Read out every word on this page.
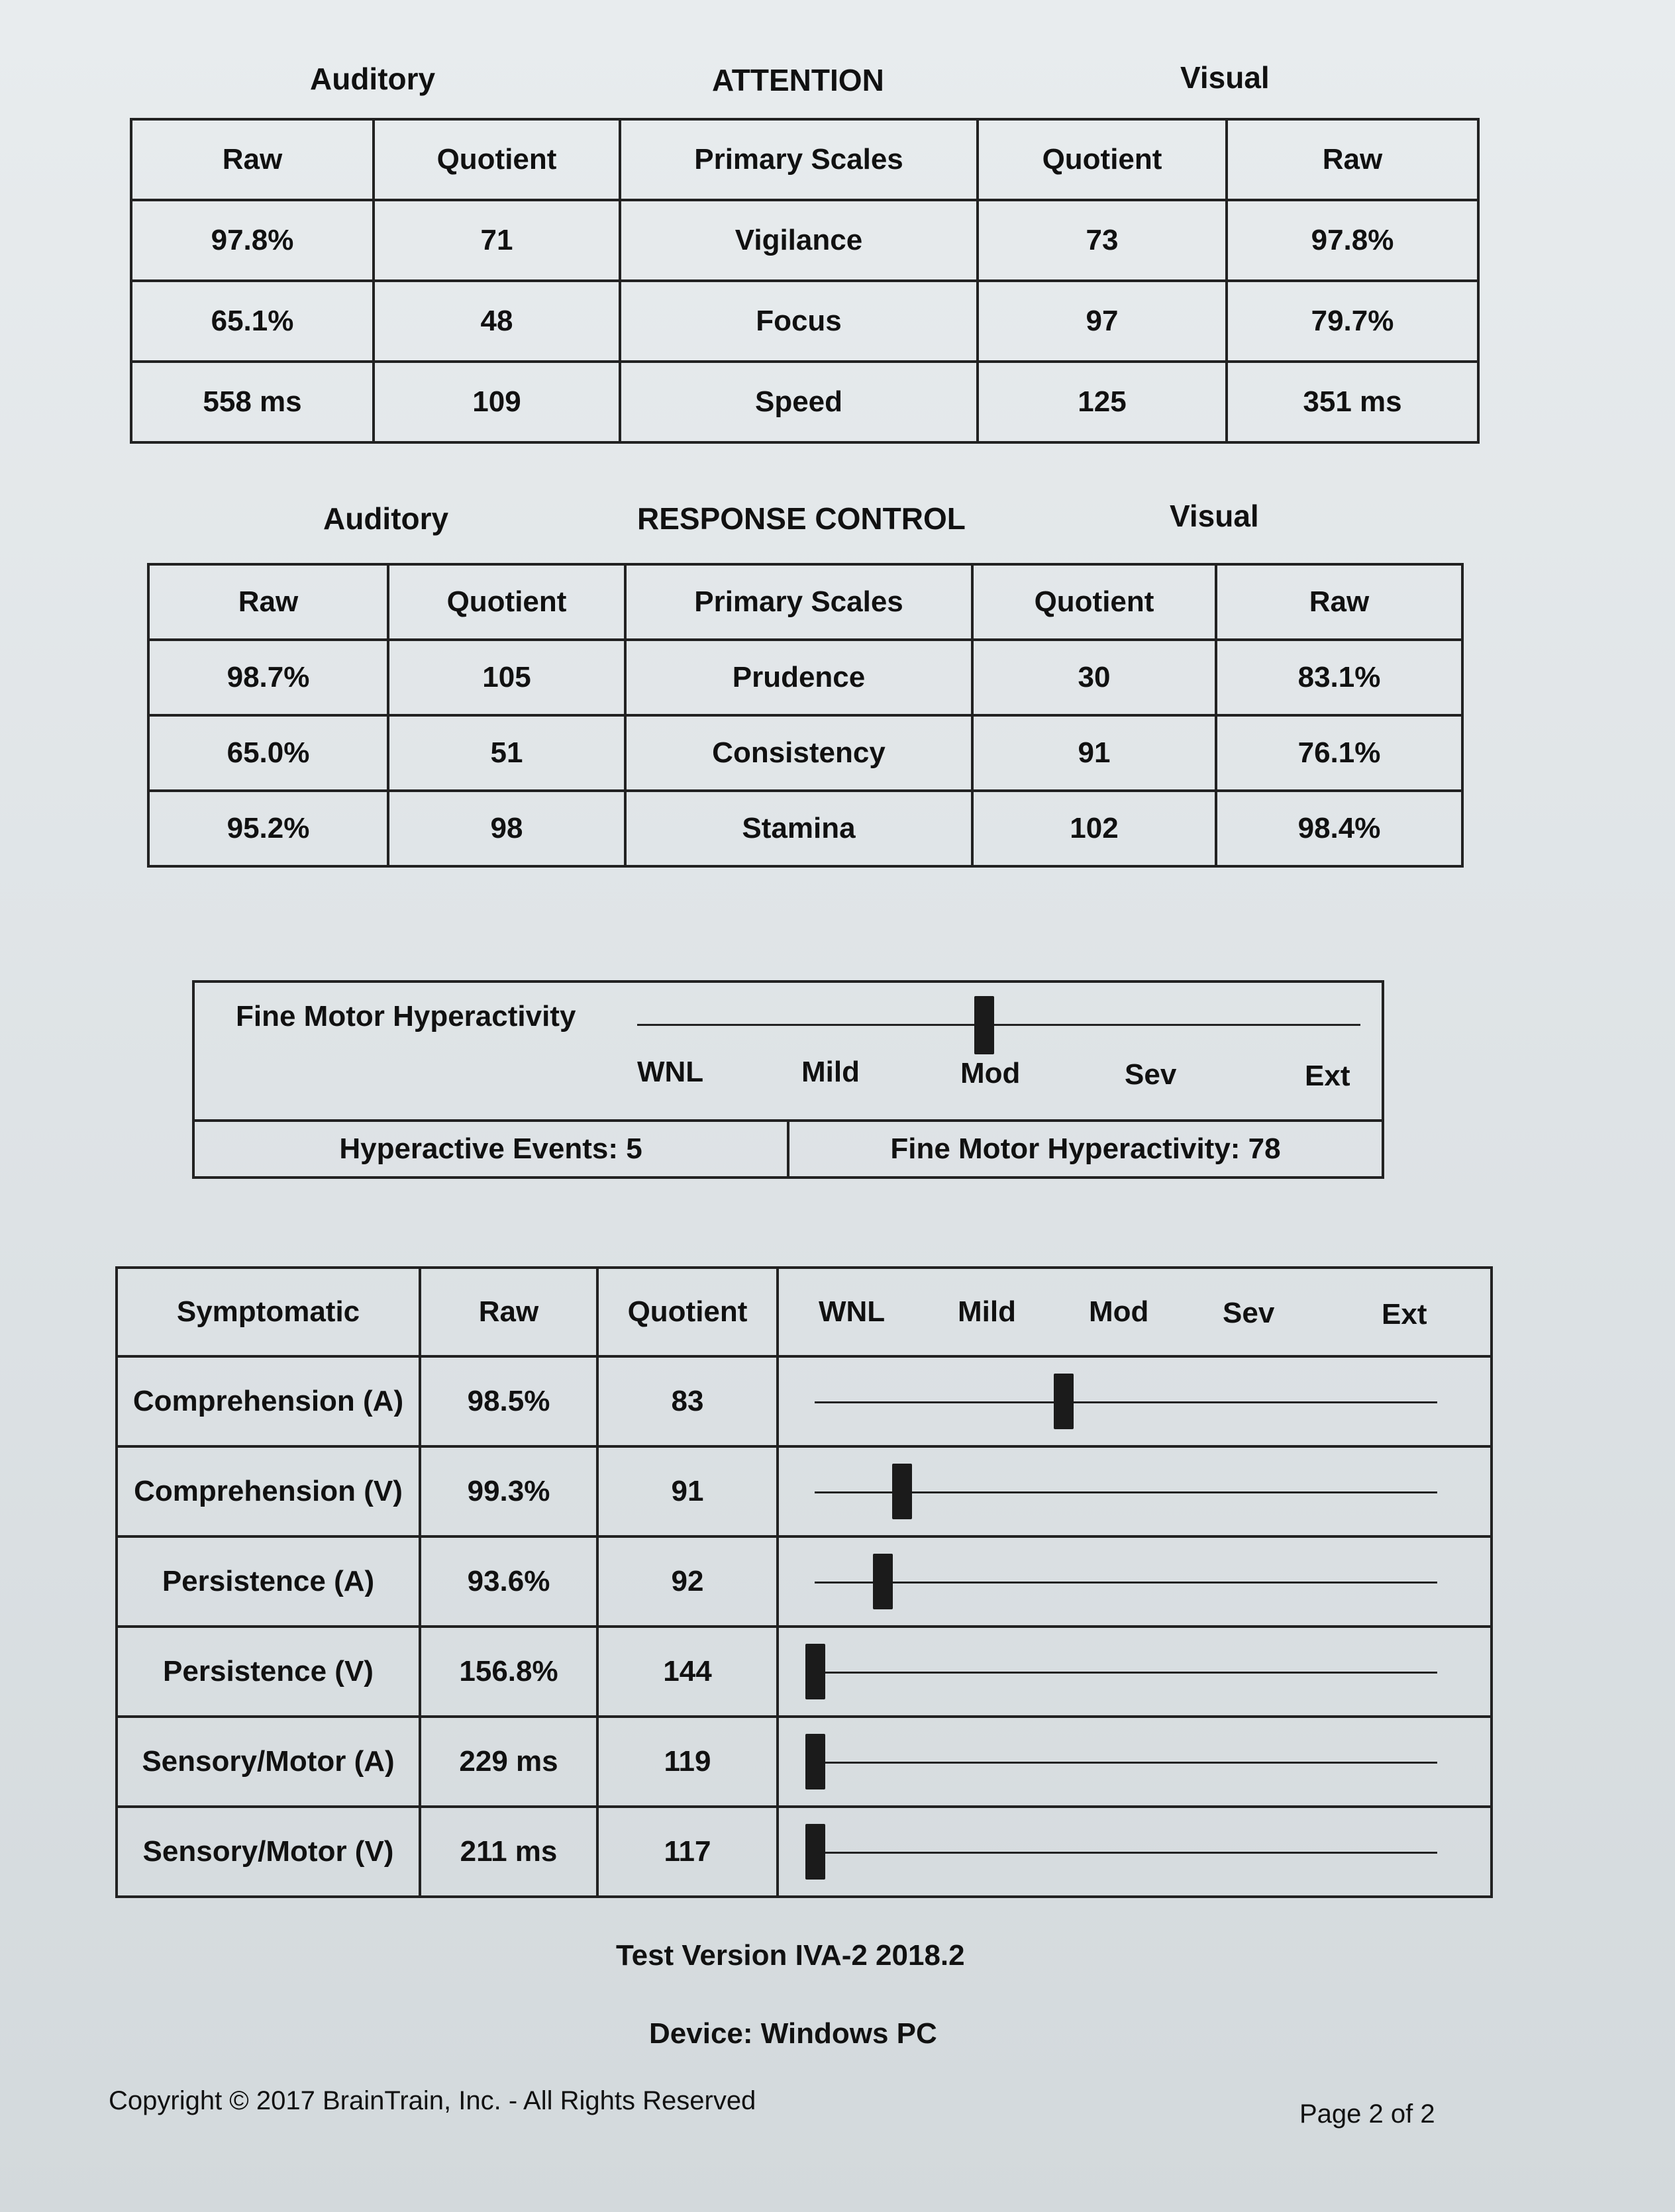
Auditory	ATTENTION	Visual
Raw	Quotient	Primary Scales	Quotient	Raw
97.8%	71	Vigilance	73	97.8%
65.1%	48	Focus	97	79.7%
558 ms	109	Speed	125	351 ms
Auditory	RESPONSE CONTROL	Visual
Raw	Quotient	Primary Scales	Quotient	Raw
98.7%	105	Prudence	30	83.1%
65.0%	51	Consistency	91	76.1%
95.2%	98	Stamina	102	98.4%
Fine Motor Hyperactivity
WNL	Mild	Mod	Sev	Ext
Hyperactive Events: 5	Fine Motor Hyperactivity: 78
Symptomatic	Raw	Quotient	WNL Mild Mod Sev Ext

Comprehension (A)	98.5%	83	

Comprehension (V)	99.3%	91	

Persistence (A)	93.6%	92	

Persistence (V)	156.8%	144	

Sensory/Motor (A)	229 ms	119	

Sensory/Motor (V)	211 ms	117	
Test Version IVA-2 2018.2
Device: Windows PC
Copyright © 2017 BrainTrain, Inc. - All Rights Reserved	Page 2 of 2
